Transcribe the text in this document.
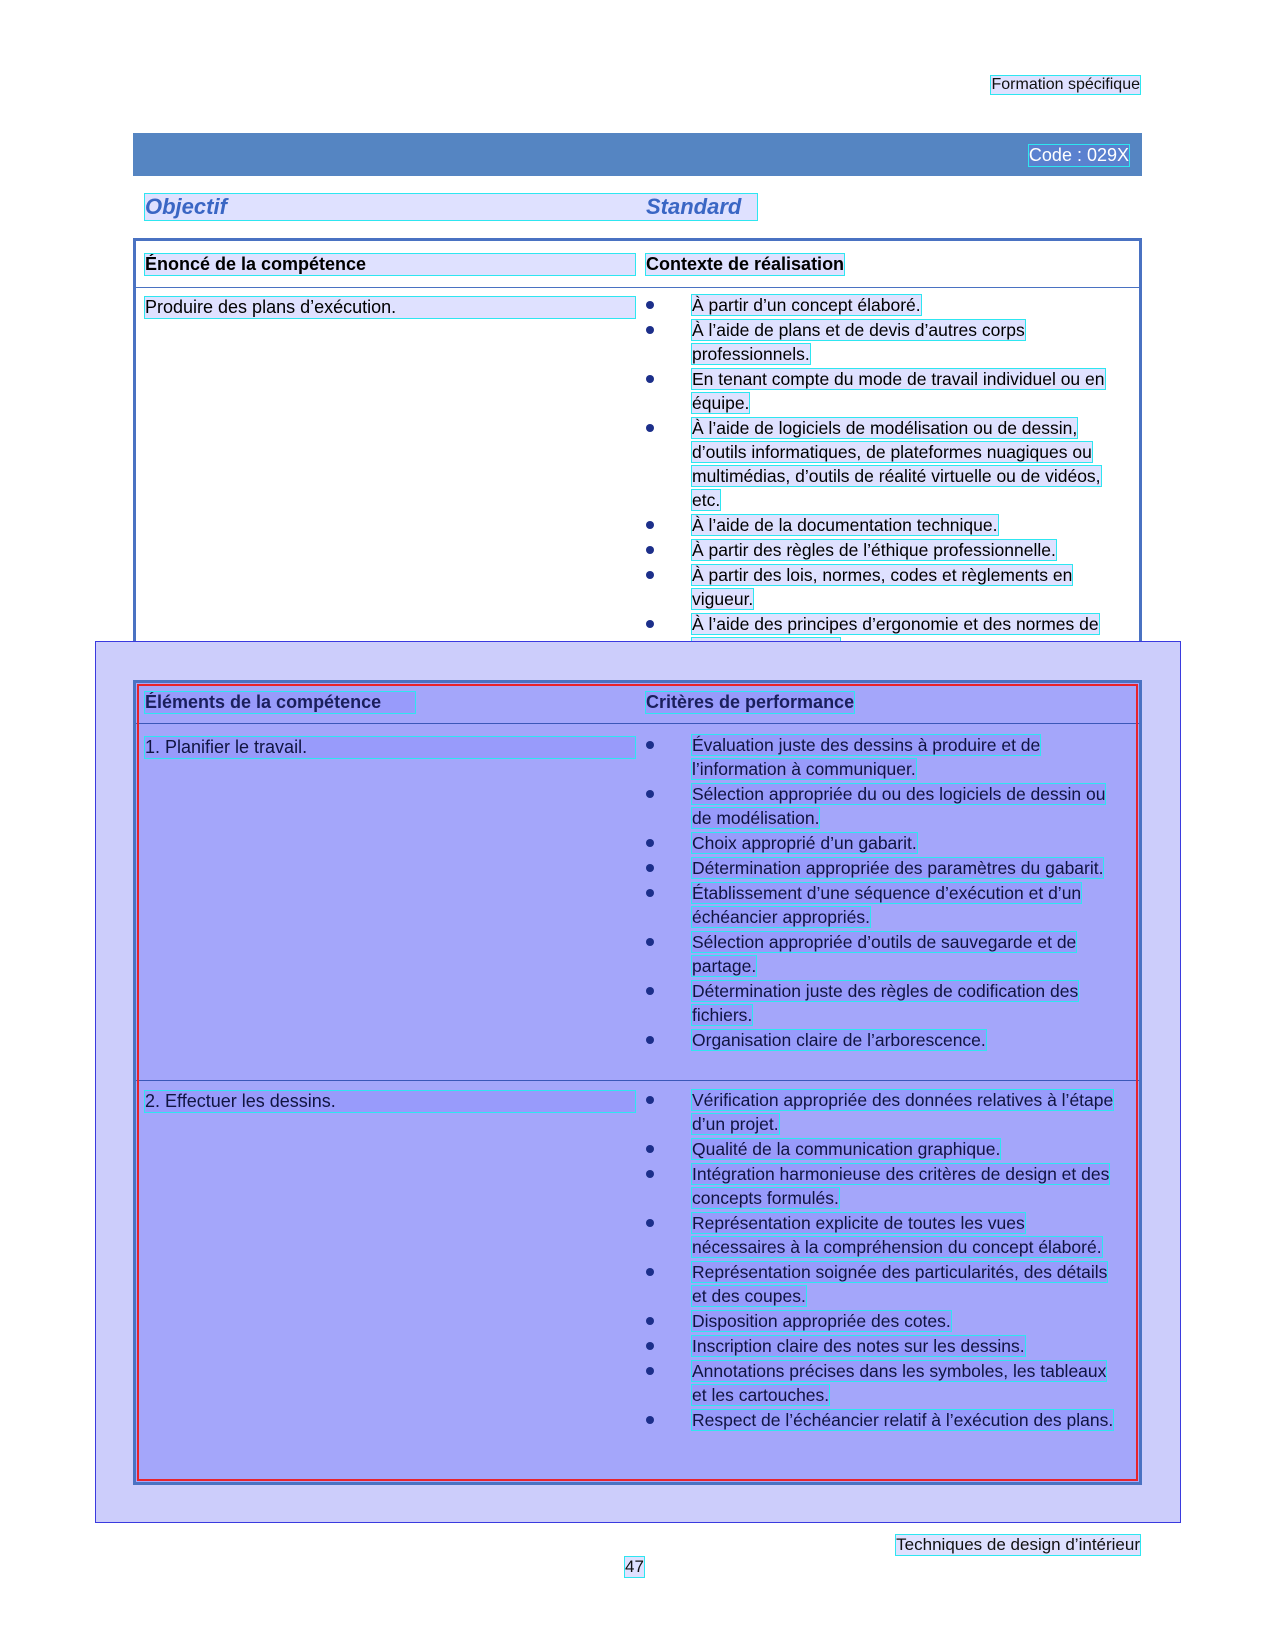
Formation spécifique
Code : 029X
Objectif	Standard
Énoncé de la compétence	Contexte de réalisation
Produire des plans d’exécution.	À partir d’un concept élaboré.
À l’aide de plans et de devis d’autres corps professionnels.
En tenant compte du mode de travail individuel ou en équipe.
À l’aide de logiciels de modélisation ou de dessin, d’outils informatiques, de plateformes nuagiques ou multimédias, d’outils de réalité virtuelle ou de vidéos, etc.
À l’aide de la documentation technique.
À partir des règles de l’éthique professionnelle.
À partir des lois, normes, codes et règlements en vigueur.
À l’aide des principes d’ergonomie et des normes de
Éléments de la compétence	Critères de performance
1. Planifier le travail.	Évaluation juste des dessins à produire et de l’information à communiquer.
Sélection appropriée du ou des logiciels de dessin ou de modélisation.
Choix approprié d’un gabarit.
Détermination appropriée des paramètres du gabarit.
Établissement d’une séquence d’exécution et d’un échéancier appropriés.
Sélection appropriée d’outils de sauvegarde et de partage.
Détermination juste des règles de codification des fichiers.
Organisation claire de l’arborescence.
2. Effectuer les dessins.	Vérification appropriée des données relatives à l’étape d’un projet.
Qualité de la communication graphique.
Intégration harmonieuse des critères de design et des concepts formulés.
Représentation explicite de toutes les vues nécessaires à la compréhension du concept élaboré.
Représentation soignée des particularités, des détails et des coupes.
Disposition appropriée des cotes.
Inscription claire des notes sur les dessins.
Annotations précises dans les symboles, les tableaux et les cartouches.
Respect de l’échéancier relatif à l’exécution des plans.
Techniques de design d’intérieur
47
